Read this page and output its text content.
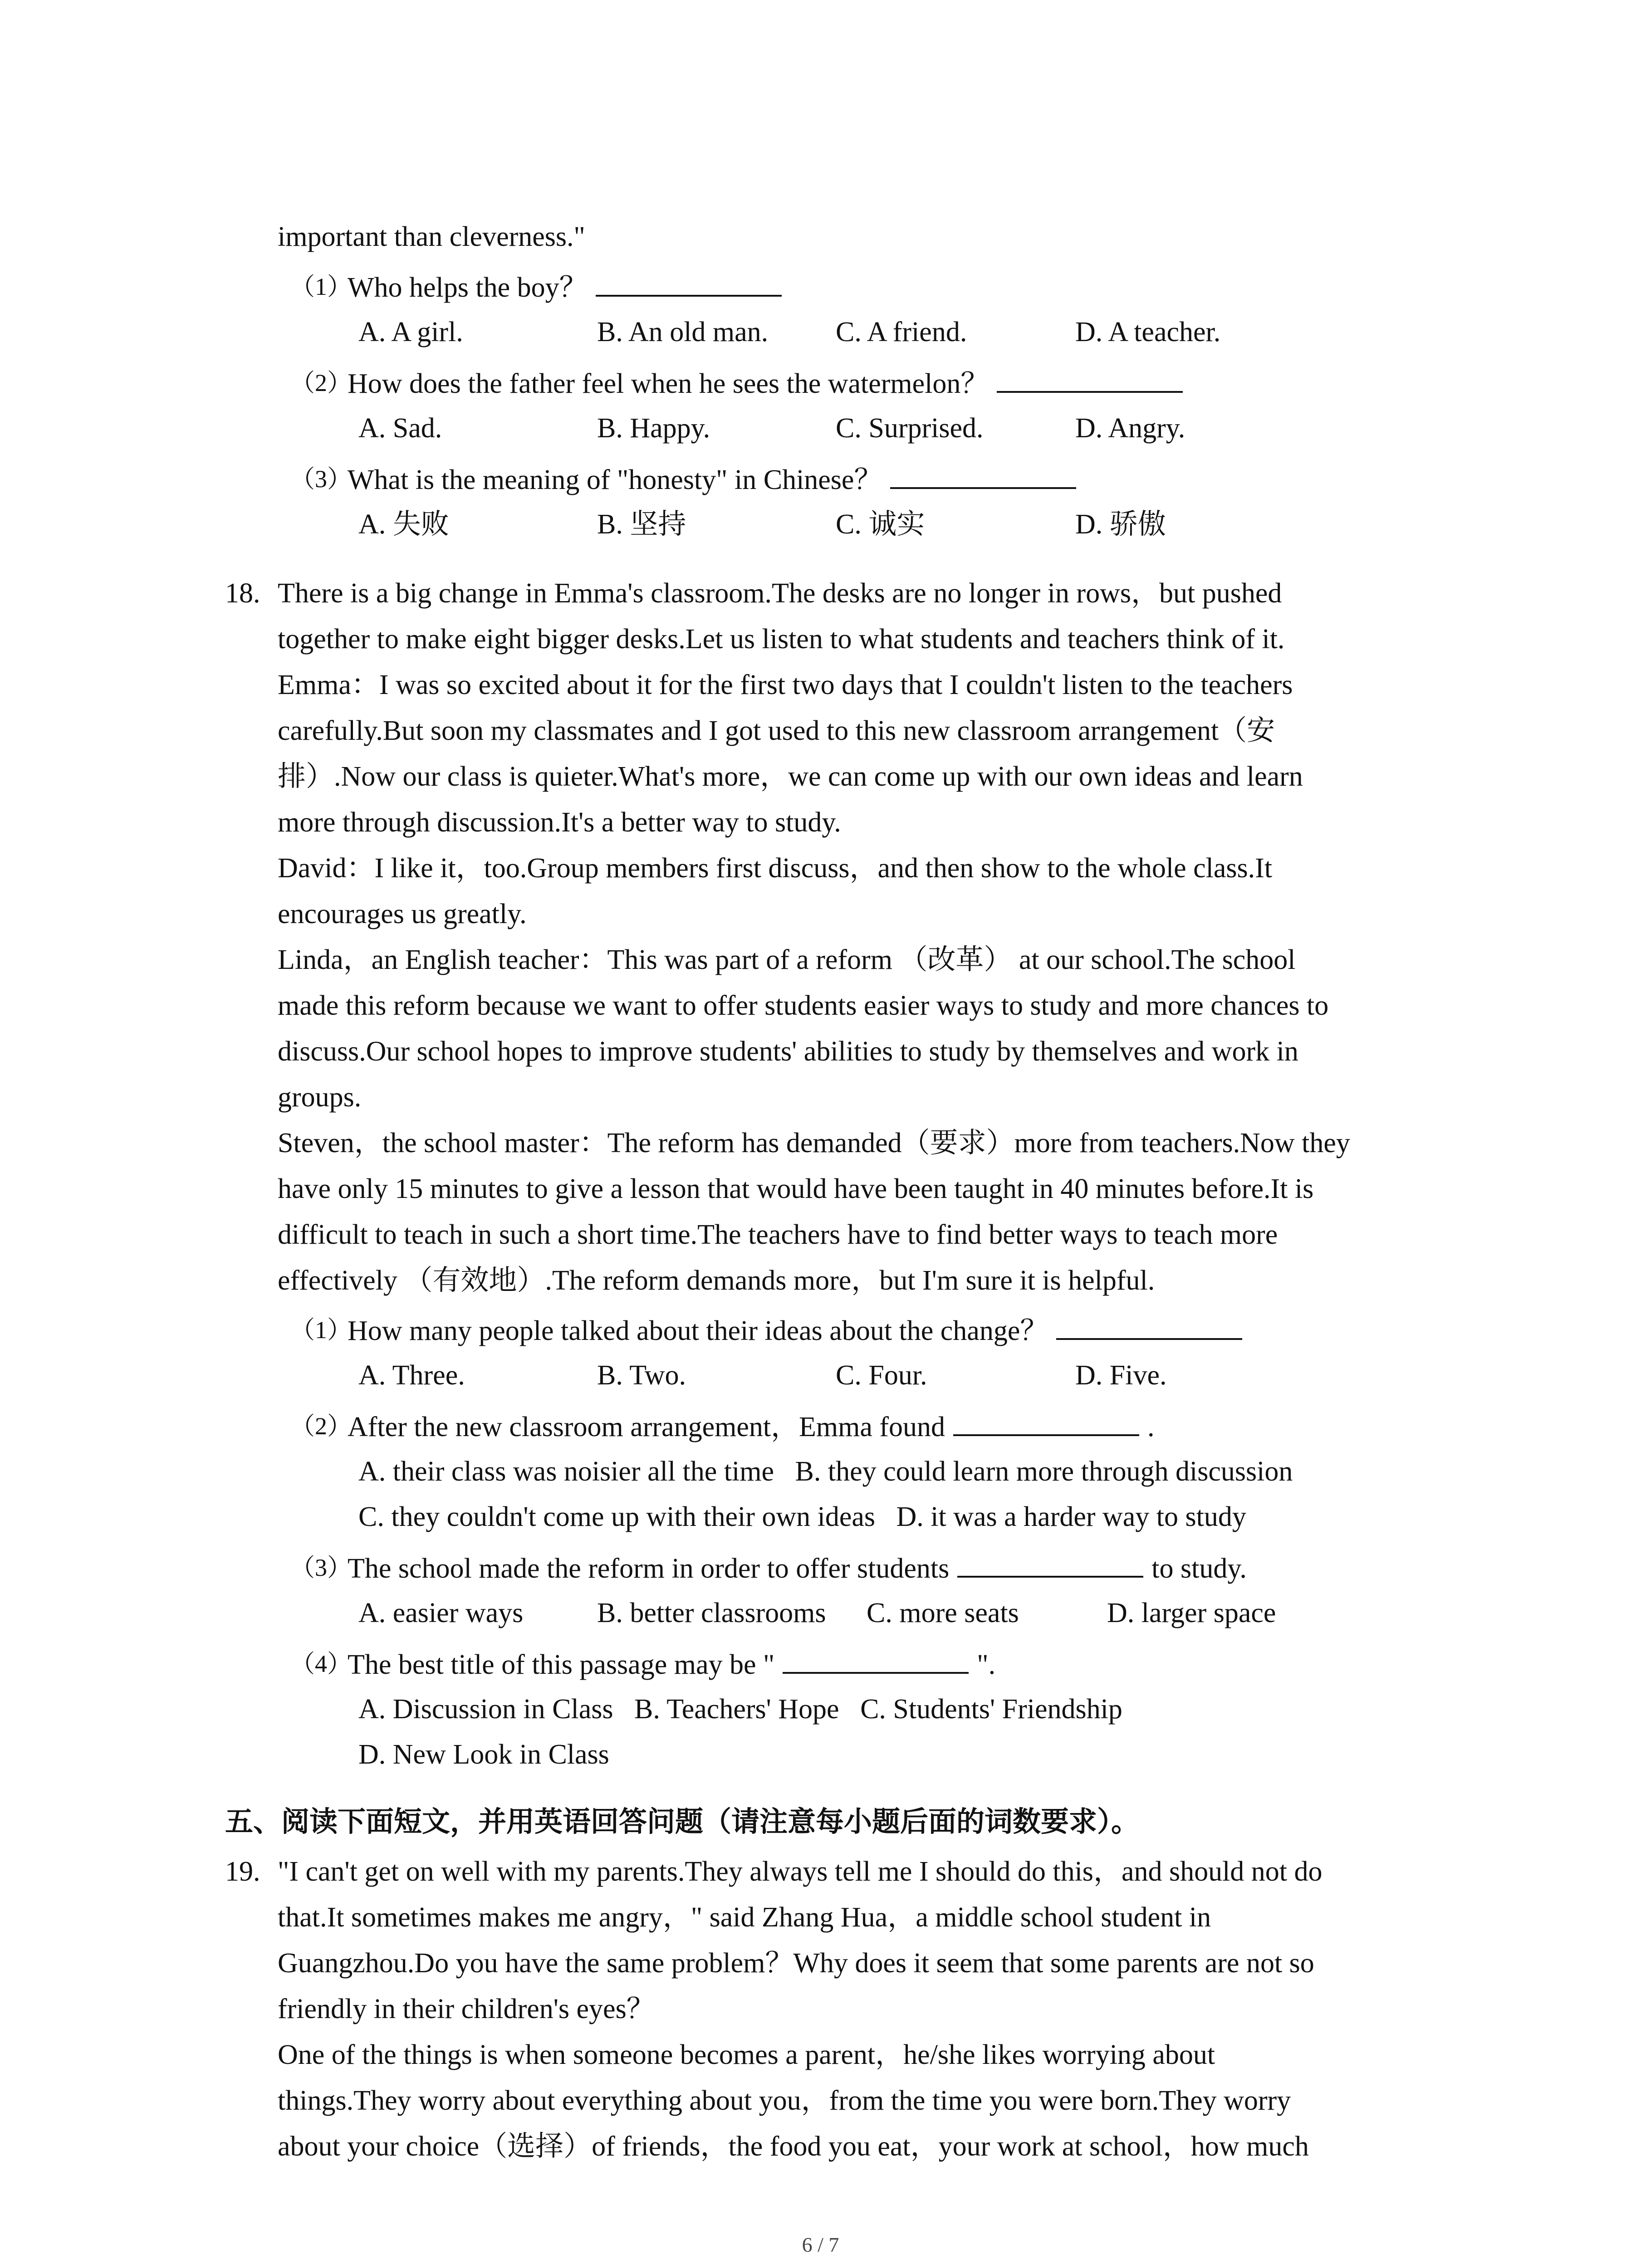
important than cleverness."
（1）
Who helps the boy？
A. A girl.	B. An old man. C. A friend.	D. A teacher.
（2）
How does the father feel when he sees the watermelon？
A. Sad.	B. Happy.	C. Surprised.	D. Angry.
（3）
What is the meaning of "honesty" in Chinese？
A. 失败	B. 坚持	C. 诚实	D. 骄傲
18. There is a big change in Emma's classroom.The desks are no longer in rows，but pushed
together to make eight bigger desks.Let us listen to what students and teachers think of it.
Emma：I was so excited about it for the first two days that I couldn't listen to the teachers
carefully.But soon my classmates and I got used to this new classroom arrangement（安
排）.Now our class is quieter.What's more，we can come up with our own ideas and learn
more through discussion.It's a better way to study.
David：I like it，too.Group members first discuss，and then show to the whole class.It
encourages us greatly.
Linda，an English teacher：This was part of a reform （改革） at our school.The school
made this reform because we want to offer students easier ways to study and more chances to
discuss.Our school hopes to improve students' abilities to study by themselves and work in
groups.
Steven，the school master：The reform has demanded（要求）more from teachers.Now they
have only 15 minutes to give a lesson that would have been taught in 40 minutes before.It is
difficult to teach in such a short time.The teachers have to find better ways to teach more
effectively （有效地）.The reform demands more，but I'm sure it is helpful.
（1）
How many people talked about their ideas about the change？
A. Three.	B. Two.	C. Four.	D. Five.
（2）
After the new classroom arrangement，Emma found	.
A. their class was noisier all the time   B. they could learn more through discussion
C. they couldn't come up with their own ideas   D. it was a harder way to study
（3）
The school made the reform in order to offer students	to study.
A. easier ways	B. better classrooms C. more seats	D. larger space
（4）
The best title of this passage may be "	".
A. Discussion in Class   B. Teachers' Hope   C. Students' Friendship
D. New Look in Class
五、阅读下面短文，并用英语回答问题（请注意每小题后面的词数要求）。
19. "I can't get on well with my parents.They always tell me I should do this，and should not do
that.It sometimes makes me angry，" said Zhang Hua，a middle school student in
Guangzhou.Do you have the same problem？Why does it seem that some parents are not so
friendly in their children's eyes？
One of the things is when someone becomes a parent，he/she likes worrying about
things.They worry about everything about you，from the time you were born.They worry
about your choice（选择）of friends，the food you eat，your work at school，how much
6 / 7
